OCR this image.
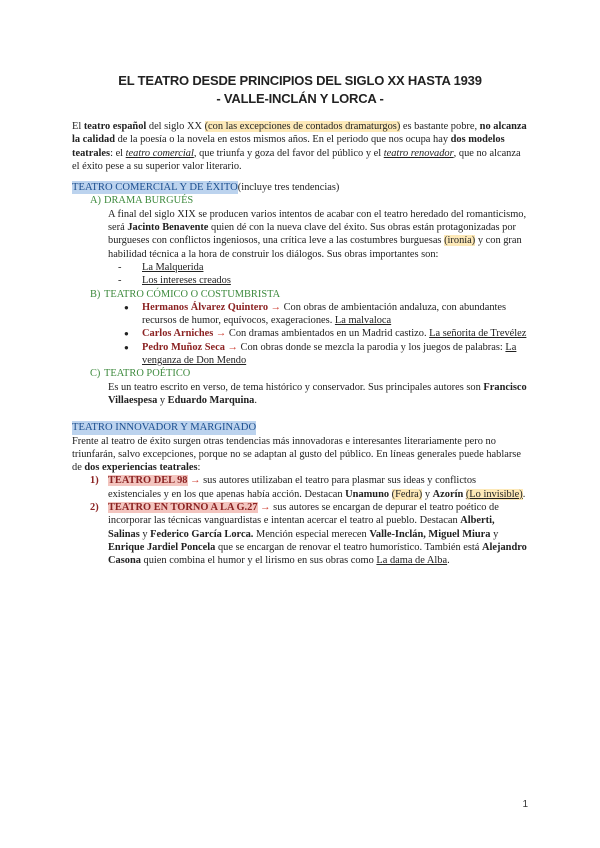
EL TEATRO DESDE PRINCIPIOS DEL SIGLO XX HASTA 1939
- VALLE-INCLÁN Y LORCA -

El teatro español del siglo XX (con las excepciones de contados dramaturgos) es bastante pobre, no alcanza la calidad de la poesía o la novela en estos mismos años. En el periodo que nos ocupa hay dos modelos teatrales: el teatro comercial, que triunfa y goza del favor del público y el teatro renovador, que no alcanza el éxito pese a su superior valor literario.

TEATRO COMERCIAL Y DE ÉXITO(incluye tres tendencias)

A) DRAMA BURGUÉS

A final del siglo XIX se producen varios intentos de acabar con el teatro heredado del romanticismo, será Jacinto Benavente quien dé con la nueva clave del éxito. Sus obras están protagonizadas por burgueses con conflictos ingeniosos, una crítica leve a las costumbres burguesas (ironía) y con gran habilidad técnica a la hora de construir los diálogos. Sus obras importantes son:

- La Malquerida
- Los intereses creados

B) TEATRO CÓMICO O COSTUMBRISTA

● Hermanos Álvarez Quintero → Con obras de ambientación andaluza, con abundantes recursos de humor, equívocos, exageraciones. La malvaloca
● Carlos Arniches → Con dramas ambientados en un Madrid castizo. La señorita de Trevélez
● Pedro Muñoz Seca → Con obras donde se mezcla la parodia y los juegos de palabras: La venganza de Don Mendo

C) TEATRO POÉTICO

Es un teatro escrito en verso, de tema histórico y conservador. Sus principales autores son Francisco Villaespesa y Eduardo Marquina.

TEATRO INNOVADOR Y MARGINADO

Frente al teatro de éxito surgen otras tendencias más innovadoras e interesantes literariamente pero no triunfarán, salvo excepciones, porque no se adaptan al gusto del público. En líneas generales puede hablarse de dos experiencias teatrales:

1) TEATRO DEL 98 → sus autores utilizaban el teatro para plasmar sus ideas y conflictos existenciales y en los que apenas había acción. Destacan Unamuno (Fedra) y Azorín (Lo invisible).
2) TEATRO EN TORNO A LA G.27 → sus autores se encargan de depurar el teatro poético de incorporar las técnicas vanguardistas e intentan acercar el teatro al pueblo. Destacan Alberti, Salinas y Federico García Lorca. Mención especial merecen Valle-Inclán, Miguel Miura y Enrique Jardiel Poncela que se encargan de renovar el teatro humorístico. También está Alejandro Casona quien combina el humor y el lirismo en sus obras como La dama de Alba.
1
